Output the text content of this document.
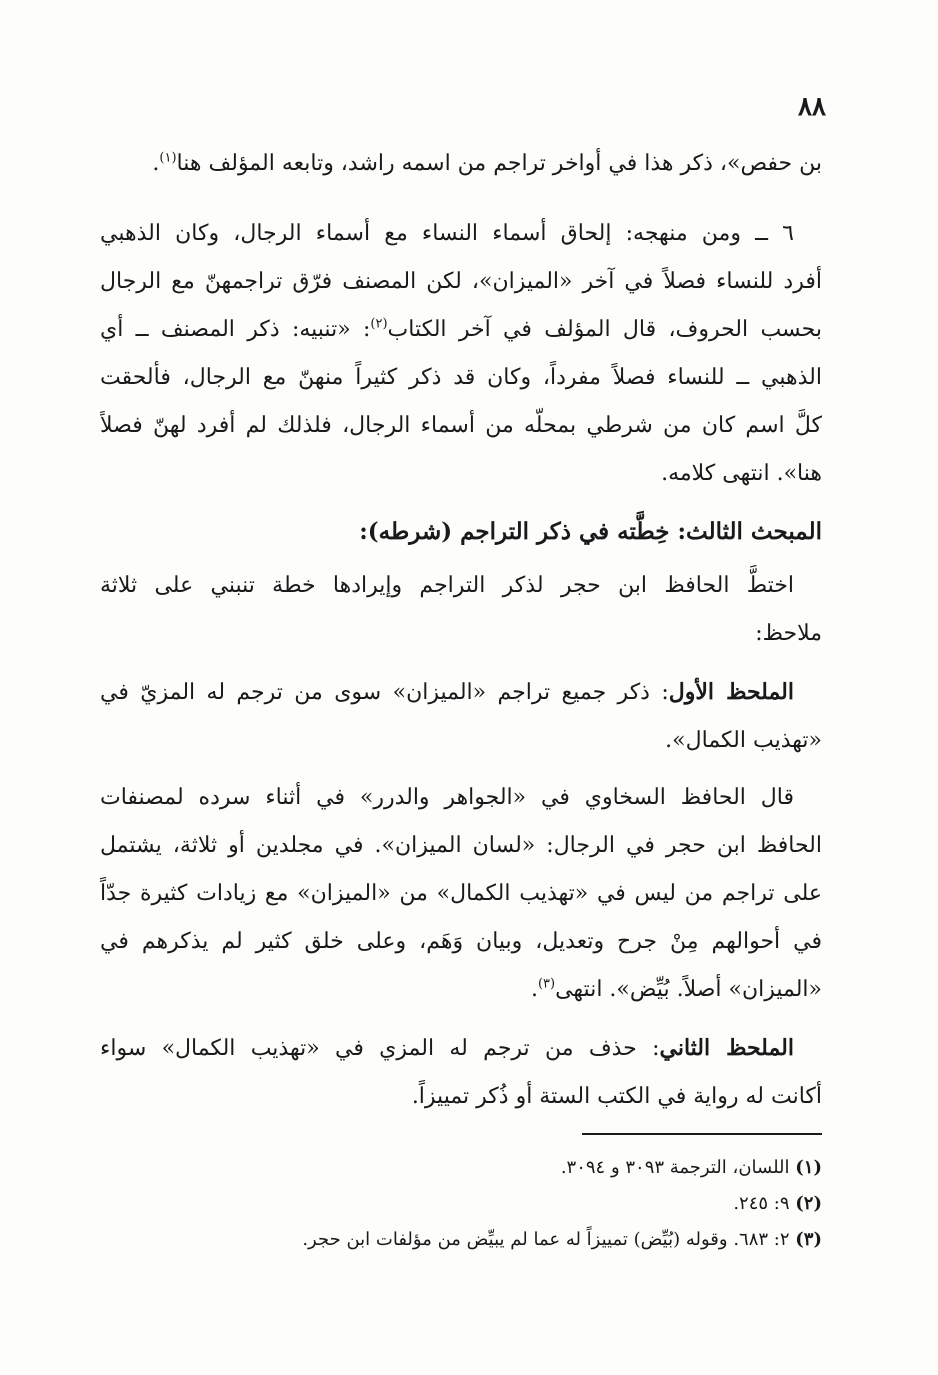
٨٨

بن حفص»، ذكر هذا في أواخر تراجم من اسمه راشد، وتابعه المؤلف هنا$^{(١)}$.

٦ ــ ومن منهجه: إلحاق أسماء النساء مع أسماء الرجال، وكان الذهبي
أفرد للنساء فصلاً في آخر «الميزان»، لكن المصنف فرّق تراجمهنّ مع الرجال
بحسب الحروف، قال المؤلف في آخر الكتاب$^{(٢)}$: «تنبيه: ذكر المصنف ــ أي
الذهبي ــ للنساء فصلاً مفرداً، وكان قد ذكر كثيراً منهنّ مع الرجال، فألحقت
كلَّ اسم كان من شرطي بمحلّه من أسماء الرجال، فلذلك لم أفرد لهنّ فصلاً
هنا». انتهى كلامه.

المبحث الثالث: خِطَّته في ذكر التراجم (شرطه):

اختطَّ الحافظ ابن حجر لذكر التراجم وإيرادها خطة تنبني على ثلاثة
ملاحظ:

الملحظ الأول: ذكر جميع تراجم «الميزان» سوى من ترجم له المزيّ في
«تهذيب الكمال».

قال الحافظ السخاوي في «الجواهر والدرر» في أثناء سرده لمصنفات
الحافظ ابن حجر في الرجال: «لسان الميزان». في مجلدين أو ثلاثة، يشتمل
على تراجم من ليس في «تهذيب الكمال» من «الميزان» مع زيادات كثيرة جدّاً
في أحوالهم مِنْ جرح وتعديل، وبيان وَهَم، وعلى خلق كثير لم يذكرهم في
«الميزان» أصلاً. بُيِّض». انتهى$^{(٣)}$.

الملحظ الثاني: حذف من ترجم له المزي في «تهذيب الكمال» سواء
أكانت له رواية في الكتب الستة أو ذُكر تمييزاً.

(١) اللسان، الترجمة ٣٠٩٣ و ٣٠٩٤.
(٢) ٩: ٢٤٥.
(٣) ٢: ٦٨٣. وقوله (بُيِّض) تمييزاً له عما لم يبيِّض من مؤلفات ابن حجر.
